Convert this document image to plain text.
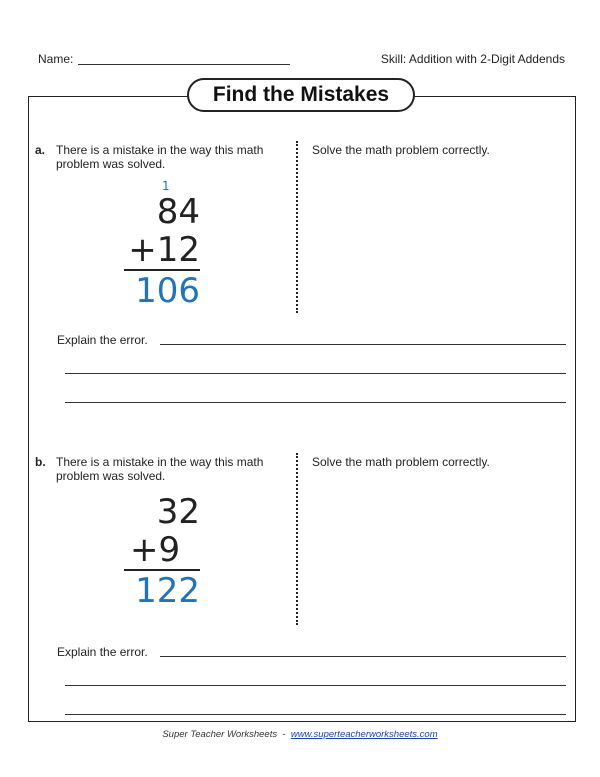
Name:	Skill: Addition with 2-Digit Addends
Find the Mistakes
a. There is a mistake in the way this math problem was solved.
1
84
+12
106
Solve the math problem correctly.
Explain the error.
b. There is a mistake in the way this math problem was solved.
32
+9
122
Solve the math problem correctly.
Explain the error.
Super Teacher Worksheets - www.superteacherworksheets.com
